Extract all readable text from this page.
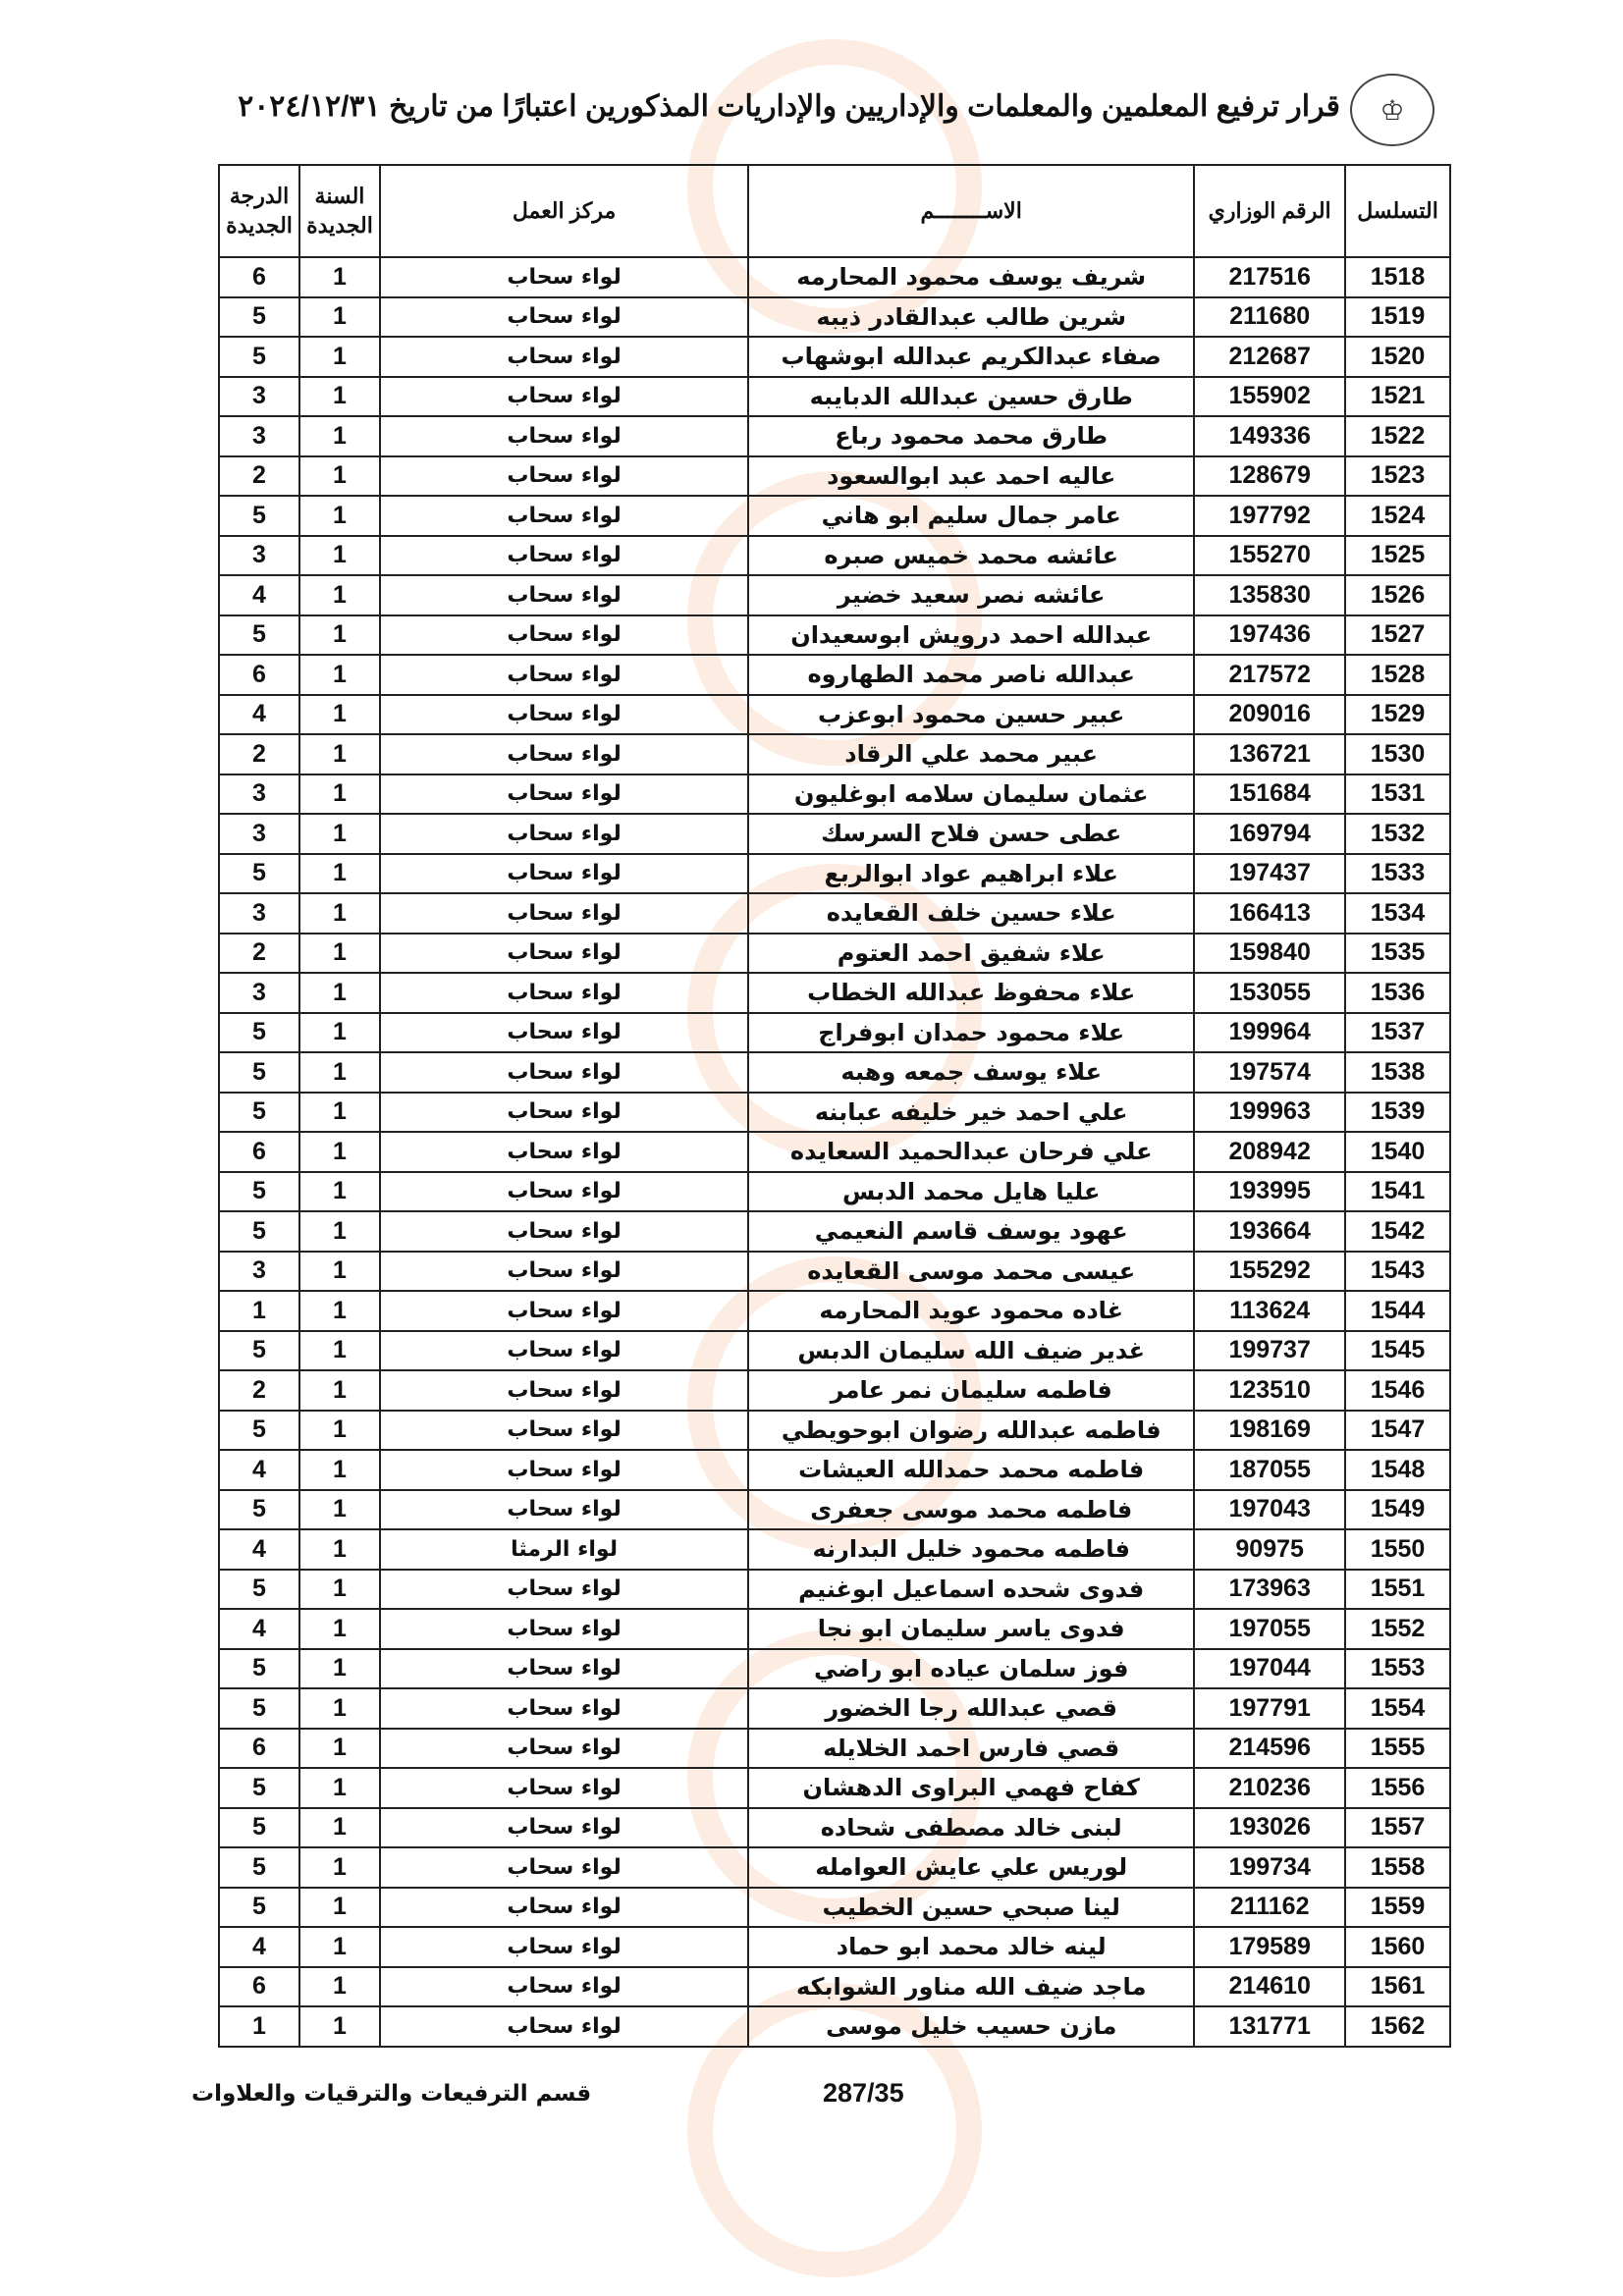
♔
قرار ترفيع المعلمين والمعلمات والإداريين والإداريات المذكورين اعتبارًا من تاريخ ٢٠٢٤/١٢/٣١
التسلسل	الرقم الوزاري	الاســــــــم	مركز العمل	السنة الجديدة	الدرجة الجديدة
1518	217516	شريف يوسف محمود المحارمه	لواء سحاب	1	6
1519	211680	شرين طالب عبدالقادر ذيبه	لواء سحاب	1	5
1520	212687	صفاء عبدالكريم عبدالله ابوشهاب	لواء سحاب	1	5
1521	155902	طارق حسين عبدالله الدبايبه	لواء سحاب	1	3
1522	149336	طارق محمد محمود رباع	لواء سحاب	1	3
1523	128679	عاليه احمد عبد ابوالسعود	لواء سحاب	1	2
1524	197792	عامر جمال سليم ابو هاني	لواء سحاب	1	5
1525	155270	عائشه محمد خميس صبره	لواء سحاب	1	3
1526	135830	عائشه نصر سعيد خضير	لواء سحاب	1	4
1527	197436	عبدالله احمد درويش ابوسعيدان	لواء سحاب	1	5
1528	217572	عبدالله ناصر محمد الطهاروه	لواء سحاب	1	6
1529	209016	عبير حسين محمود ابوعزب	لواء سحاب	1	4
1530	136721	عبير محمد علي الرقاد	لواء سحاب	1	2
1531	151684	عثمان سليمان سلامه ابوغليون	لواء سحاب	1	3
1532	169794	عطى حسن فلاح السرسك	لواء سحاب	1	3
1533	197437	علاء ابراهيم عواد ابوالربع	لواء سحاب	1	5
1534	166413	علاء حسين خلف القعايده	لواء سحاب	1	3
1535	159840	علاء شفيق احمد العتوم	لواء سحاب	1	2
1536	153055	علاء محفوظ عبدالله الخطاب	لواء سحاب	1	3
1537	199964	علاء محمود حمدان ابوفراج	لواء سحاب	1	5
1538	197574	علاء يوسف جمعه وهبه	لواء سحاب	1	5
1539	199963	علي احمد خير خليفه عبابنه	لواء سحاب	1	5
1540	208942	علي فرحان عبدالحميد السعايده	لواء سحاب	1	6
1541	193995	عليا هايل محمد الدبس	لواء سحاب	1	5
1542	193664	عهود يوسف قاسم النعيمي	لواء سحاب	1	5
1543	155292	عيسى محمد موسى القعايده	لواء سحاب	1	3
1544	113624	غاده محمود عويد المحارمه	لواء سحاب	1	1
1545	199737	غدير ضيف الله سليمان الدبس	لواء سحاب	1	5
1546	123510	فاطمه سليمان نمر عامر	لواء سحاب	1	2
1547	198169	فاطمه عبدالله رضوان ابوحويطي	لواء سحاب	1	5
1548	187055	فاطمه محمد حمدالله العيشات	لواء سحاب	1	4
1549	197043	فاطمه محمد موسى جعفرى	لواء سحاب	1	5
1550	90975	فاطمه محمود خليل البدارنه	لواء الرمثا	1	4
1551	173963	فدوى شحده اسماعيل ابوغنيم	لواء سحاب	1	5
1552	197055	فدوى ياسر سليمان ابو نجا	لواء سحاب	1	4
1553	197044	فوز سلمان عياده ابو راضي	لواء سحاب	1	5
1554	197791	قصي عبدالله رجا الخضور	لواء سحاب	1	5
1555	214596	قصي فارس احمد الخلايله	لواء سحاب	1	6
1556	210236	كفاح فهمي البراوى الدهشان	لواء سحاب	1	5
1557	193026	لبنى خالد مصطفى شحاده	لواء سحاب	1	5
1558	199734	لوريس علي عايش العوامله	لواء سحاب	1	5
1559	211162	لينا صبحي حسين الخطيب	لواء سحاب	1	5
1560	179589	لينه خالد محمد ابو حماد	لواء سحاب	1	4
1561	214610	ماجد ضيف الله مناور الشوابكه	لواء سحاب	1	6
1562	131771	مازن حسيب خليل موسى	لواء سحاب	1	1
قسم الترفيعات والترقيات والعلاوات	287/35
